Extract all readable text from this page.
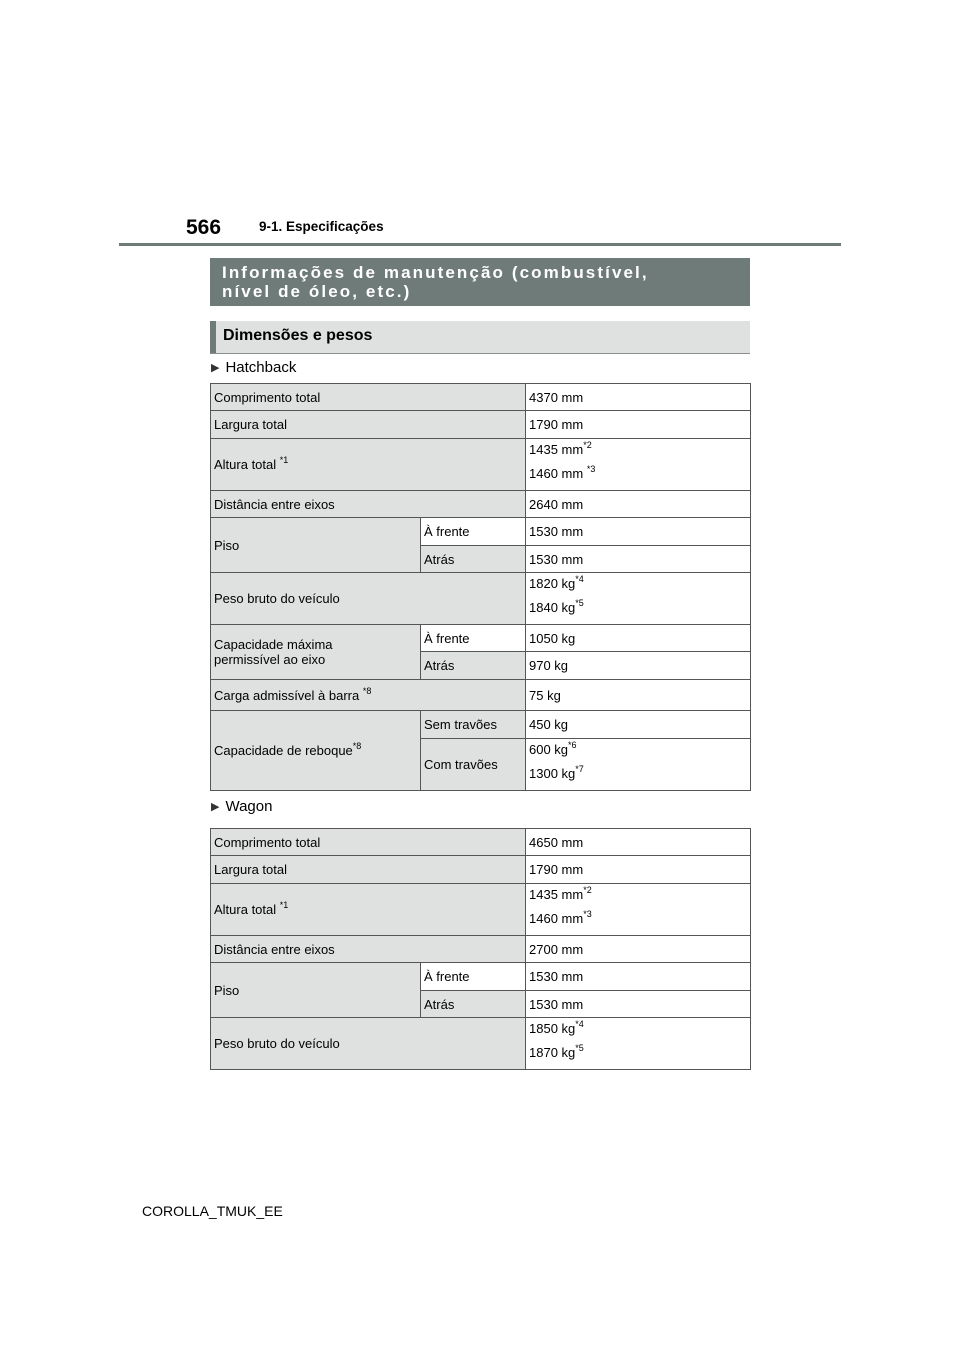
566	9-1. Especificações
Informações de manutenção (combustível,
nível de óleo, etc.)
Dimensões e pesos
▶ Hatchback
Comprimento total		4370 mm
Largura total		1790 mm
Altura total $^{*1}$		1435 $mm^{*2}$
1460 mm $^{*3}$

Distância entre eixos		2640 mm
Piso	À frente	1530 mm
	Atrás	1530 mm
Peso bruto do veículo		1820 $kg^{*4}$
1840 $kg^{*5}$

Capacidade máxima
permissível ao eixo	À frente	1050 kg
	Atrás	970 kg
Carga admissível à barra $^{*8}$		75 kg
Capacidade de reboque$^{*8}$	Sem travões	450 kg
	Com travões	600 $kg^{*6}$
1300 $kg^{*7}$
▶ Wagon
Comprimento total		4650 mm
Largura total		1790 mm
Altura total $^{*1}$		1435 $mm^{*2}$
1460 $mm^{*3}$

Distância entre eixos		2700 mm
Piso	À frente	1530 mm
	Atrás	1530 mm
Peso bruto do veículo		1850 $kg^{*4}$
1870 $kg^{*5}$
COROLLA_TMUK_EE
